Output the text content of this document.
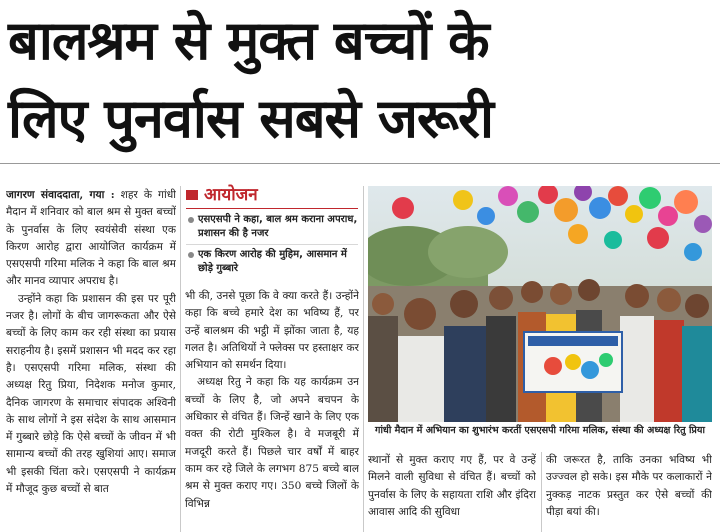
बालश्रम से मुक्त बच्चों के
लिए पुनर्वास सबसे जरूरी

जागरण संवाददाता, गया : शहर के गांधी मैदान में शनिवार को बाल श्रम से मुक्त बच्चों के पुनर्वास के लिए स्वयंसेवी संस्था एक किरण आरोह द्वारा आयोजित कार्यक्रम में एसएसपी गरिमा मलिक ने कहा कि बाल श्रम और मानव व्यापार अपराध है।

उन्होंने कहा कि प्रशासन की इस पर पूरी नजर है। लोगों के बीच जागरूकता और ऐसे बच्चों के लिए काम कर रही संस्था का प्रयास सराहनीय है। इसमें प्रशासन भी मदद कर रहा है। एसएसपी गरिमा मलिक, संस्था की अध्यक्ष रितु प्रिया, निदेशक मनोज कुमार, दैनिक जागरण के समाचार संपादक अश्विनी के साथ लोगों ने इस संदेश के साथ आसमान में गुब्बारे छोड़े कि ऐसे बच्चों के जीवन में भी सामान्य बच्चों की तरह खुशियां आए। समाज भी इसकी चिंता करे। एसएसपी ने कार्यक्रम में मौजूद कुछ बच्चों से बात

आयोजन
एसएसपी ने कहा, बाल श्रम कराना अपराध, प्रशासन की है नजर
एक किरण आरोह की मुहिम, आसमान में छोड़े गुब्बारे

भी की, उनसे पूछा कि वे क्या करते हैं। उन्होंने कहा कि बच्चे हमारे देश का भविष्य हैं, पर उन्हें बालश्रम की भट्ठी में झोंका जाता है, यह गलत है। अतिथियों ने फ्लेक्स पर हस्ताक्षर कर अभियान को समर्थन दिया।

अध्यक्ष रितु ने कहा कि यह कार्यक्रम उन बच्चों के लिए है, जो अपने बचपन के अधिकार से वंचित हैं। जिन्हें खाने के लिए एक वक्त की रोटी मुश्किल है। वे मजबूरी में मजदूरी करते हैं। पिछले चार वर्षों में बाहर काम कर रहे जिले के लगभग 875 बच्चे बाल श्रम से मुक्त कराए गए। 350 बच्चे जिलों के विभिन्न

गांधी मैदान में अभियान का शुभारंभ करतीं एसएसपी गरिमा मलिक, संस्था की अध्यक्ष रितु प्रिया

स्थानों से मुक्त कराए गए हैं, पर वे उन्हें मिलने वाली सुविधा से वंचित हैं। बच्चों को पुनर्वास के लिए के सहायता राशि और इंदिरा आवास आदि की सुविधा

की जरूरत है, ताकि उनका भविष्य भी उज्ज्वल हो सके। इस मौके पर कलाकारों ने नुक्कड़ नाटक प्रस्तुत कर ऐसे बच्चों की पीड़ा बयां की।
